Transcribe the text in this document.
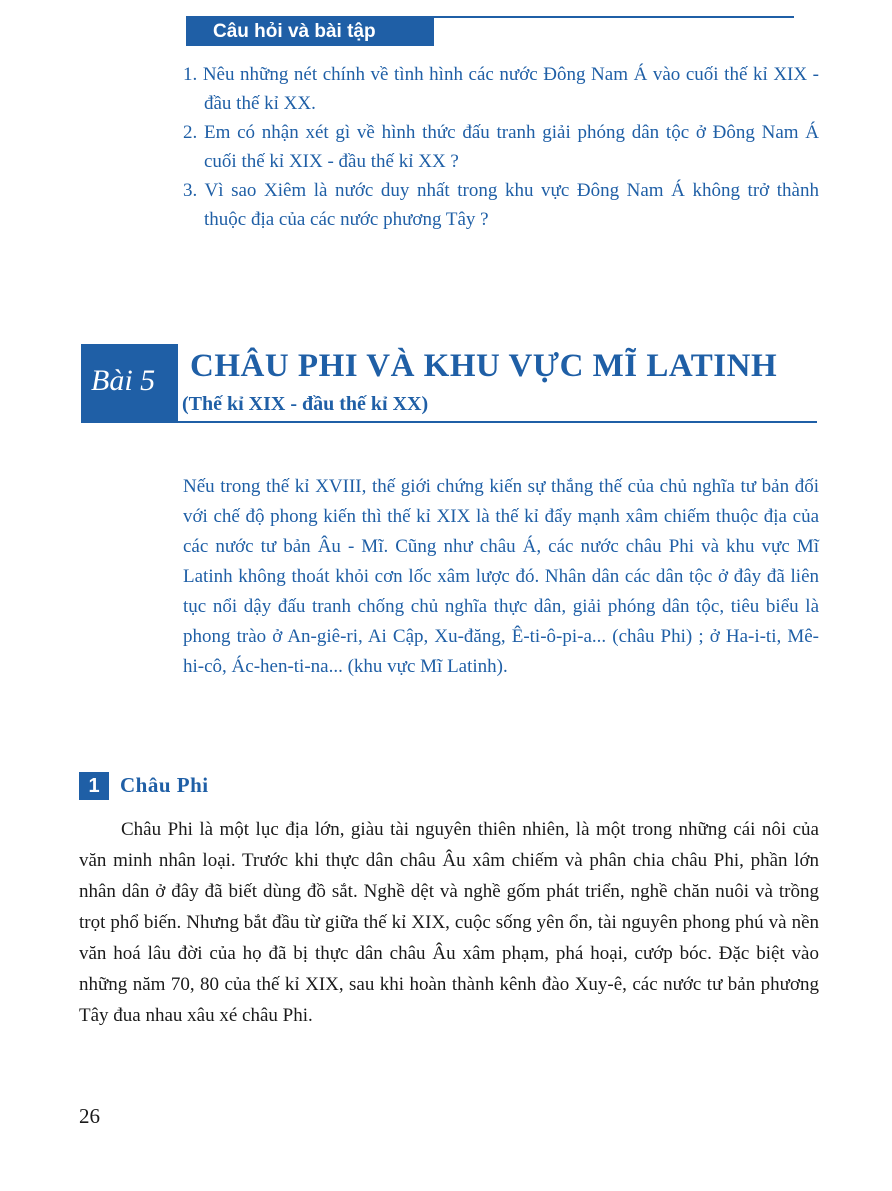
Câu hỏi và bài tập
1. Nêu những nét chính về tình hình các nước Đông Nam Á vào cuối thế kỉ XIX - đầu thế kỉ XX.
2. Em có nhận xét gì về hình thức đấu tranh giải phóng dân tộc ở Đông Nam Á cuối thế kỉ XIX - đầu thế kỉ XX ?
3. Vì sao Xiêm là nước duy nhất trong khu vực Đông Nam Á không trở thành thuộc địa của các nước phương Tây ?
Bài 5 CHÂU PHI VÀ KHU VỰC MĨ LATINH
(Thế kỉ XIX - đầu thế kỉ XX)
Nếu trong thế kỉ XVIII, thế giới chứng kiến sự thắng thế của chủ nghĩa tư bản đối với chế độ phong kiến thì thế kỉ XIX là thế kỉ đẩy mạnh xâm chiếm thuộc địa của các nước tư bản Âu - Mĩ. Cũng như châu Á, các nước châu Phi và khu vực Mĩ Latinh không thoát khỏi cơn lốc xâm lược đó. Nhân dân các dân tộc ở đây đã liên tục nổi dậy đấu tranh chống chủ nghĩa thực dân, giải phóng dân tộc, tiêu biểu là phong trào ở An-giê-ri, Ai Cập, Xu-đăng, Ê-ti-ô-pi-a... (châu Phi) ; ở Ha-i-ti, Mê-hi-cô, Ác-hen-ti-na... (khu vực Mĩ Latinh).
1 Châu Phi
Châu Phi là một lục địa lớn, giàu tài nguyên thiên nhiên, là một trong những cái nôi của văn minh nhân loại. Trước khi thực dân châu Âu xâm chiếm và phân chia châu Phi, phần lớn nhân dân ở đây đã biết dùng đồ sắt. Nghề dệt và nghề gốm phát triển, nghề chăn nuôi và trồng trọt phổ biến. Nhưng bắt đầu từ giữa thế kỉ XIX, cuộc sống yên ổn, tài nguyên phong phú và nền văn hoá lâu đời của họ đã bị thực dân châu Âu xâm phạm, phá hoại, cướp bóc. Đặc biệt vào những năm 70, 80 của thế kỉ XIX, sau khi hoàn thành kênh đào Xuy-ê, các nước tư bản phương Tây đua nhau xâu xé châu Phi.
26
